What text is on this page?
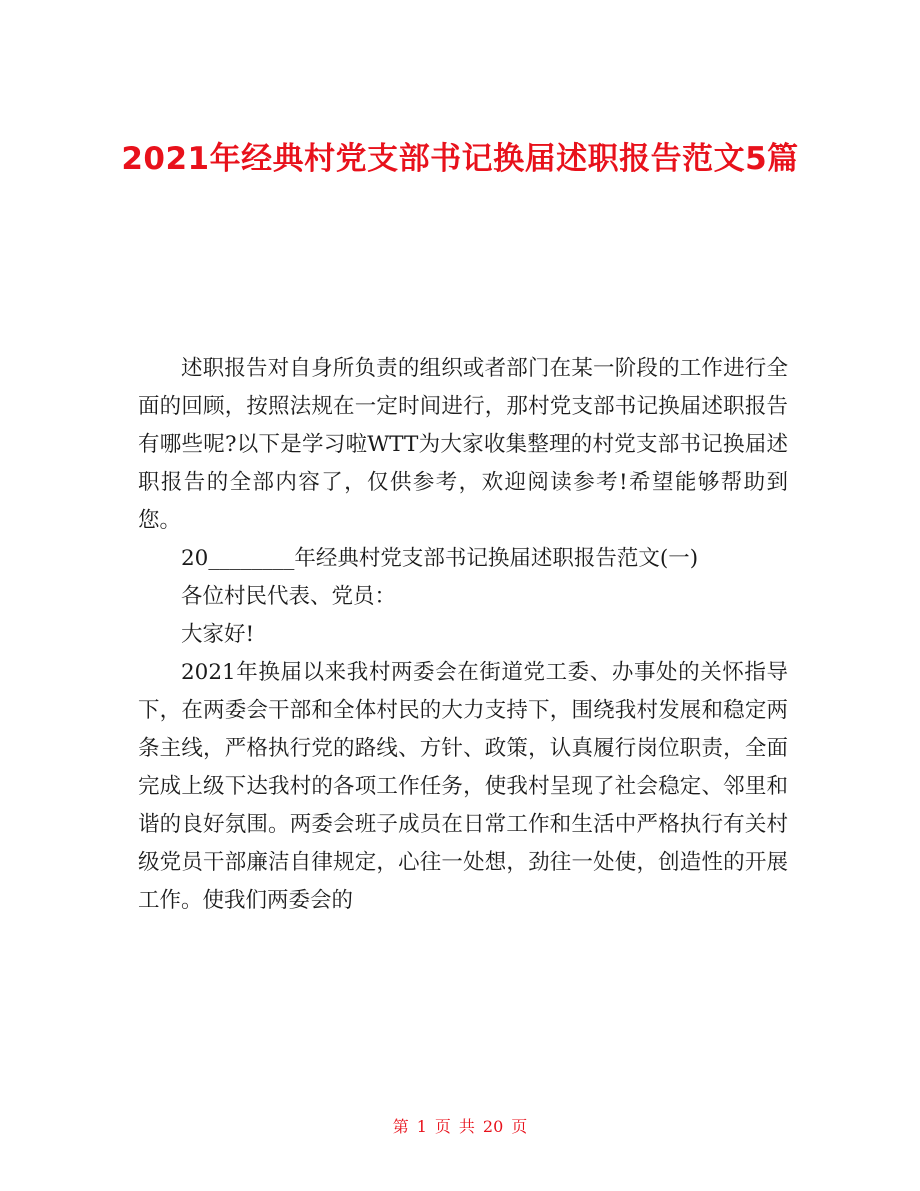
2021年经典村党支部书记换届述职报告范文5篇

述职报告对自身所负责的组织或者部门在某一阶段的工作进行全面的回顾，按照法规在一定时间进行，那村党支部书记换届述职报告有哪些呢?以下是学习啦WTT为大家收集整理的村党支部书记换届述职报告的全部内容了，仅供参考，欢迎阅读参考!希望能够帮助到您。

20________年经典村党支部书记换届述职报告范文(一)

各位村民代表、党员：

大家好!

2021年换届以来我村两委会在街道党工委、办事处的关怀指导下，在两委会干部和全体村民的大力支持下，围绕我村发展和稳定两条主线，严格执行党的路线、方针、政策，认真履行岗位职责，全面完成上级下达我村的各项工作任务，使我村呈现了社会稳定、邻里和谐的良好氛围。两委会班子成员在日常工作和生活中严格执行有关村级党员干部廉洁自律规定，心往一处想，劲往一处使，创造性的开展工作。使我们两委会的

第 1 页 共 20 页
